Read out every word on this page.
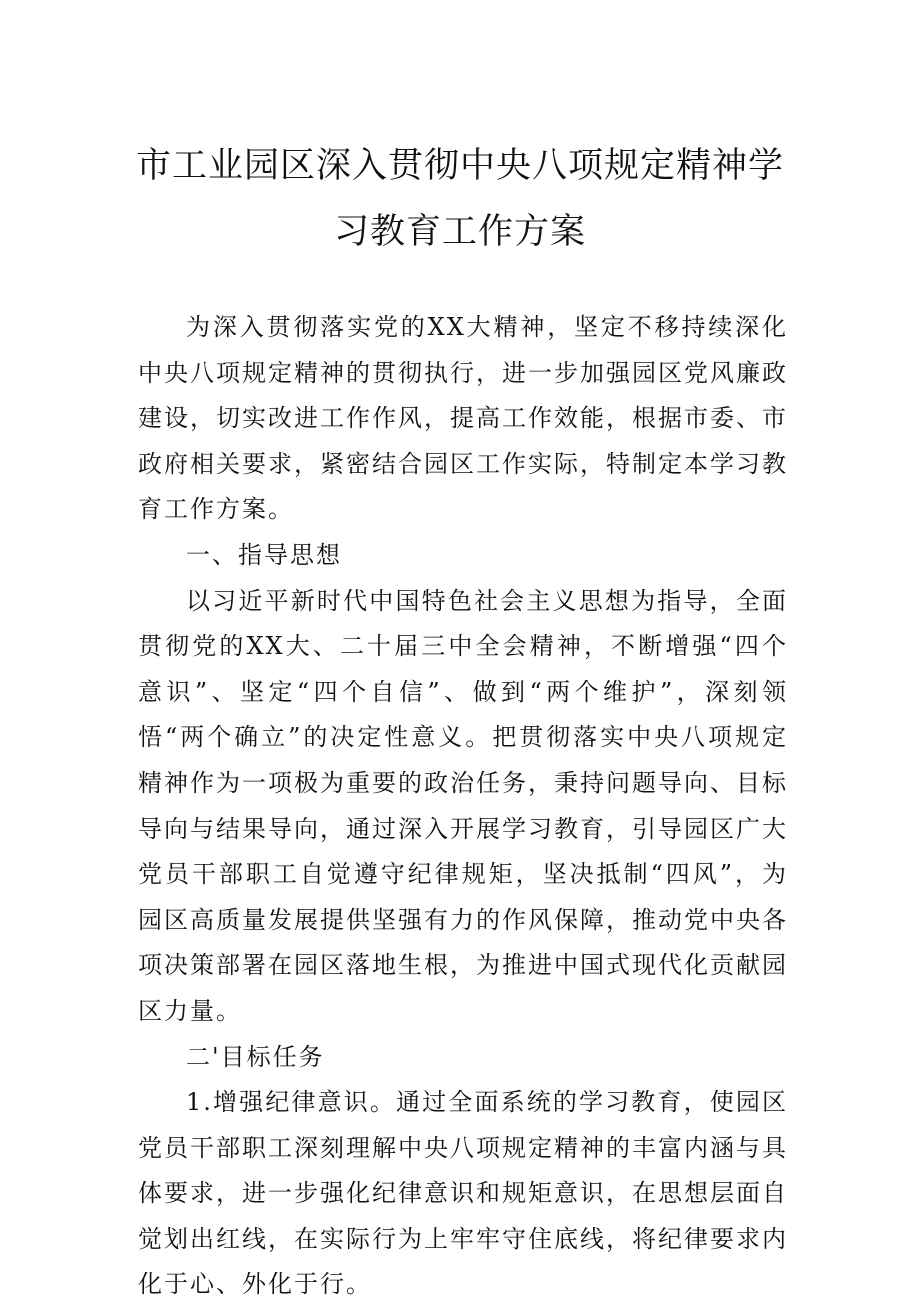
市工业园区深入贯彻中央八项规定精神学
习教育工作方案

为深入贯彻落实党的XX大精神，坚定不移持续深化中央八项规定精神的贯彻执行，进一步加强园区党风廉政建设，切实改进工作作风，提高工作效能，根据市委、市政府相关要求，紧密结合园区工作实际，特制定本学习教育工作方案。

一、指导思想

以习近平新时代中国特色社会主义思想为指导，全面贯彻党的XX大、二十届三中全会精神，不断增强“四个意识”、坚定“四个自信”、做到“两个维护”，深刻领悟“两个确立”的决定性意义。把贯彻落实中央八项规定精神作为一项极为重要的政治任务，秉持问题导向、目标导向与结果导向，通过深入开展学习教育，引导园区广大党员干部职工自觉遵守纪律规矩，坚决抵制“四风”，为园区高质量发展提供坚强有力的作风保障，推动党中央各项决策部署在园区落地生根，为推进中国式现代化贡献园区力量。

二'目标任务

1.增强纪律意识。通过全面系统的学习教育，使园区党员干部职工深刻理解中央八项规定精神的丰富内涵与具体要求，进一步强化纪律意识和规矩意识，在思想层面自觉划出红线，在实际行为上牢牢守住底线，将纪律要求内化于心、外化于行。
